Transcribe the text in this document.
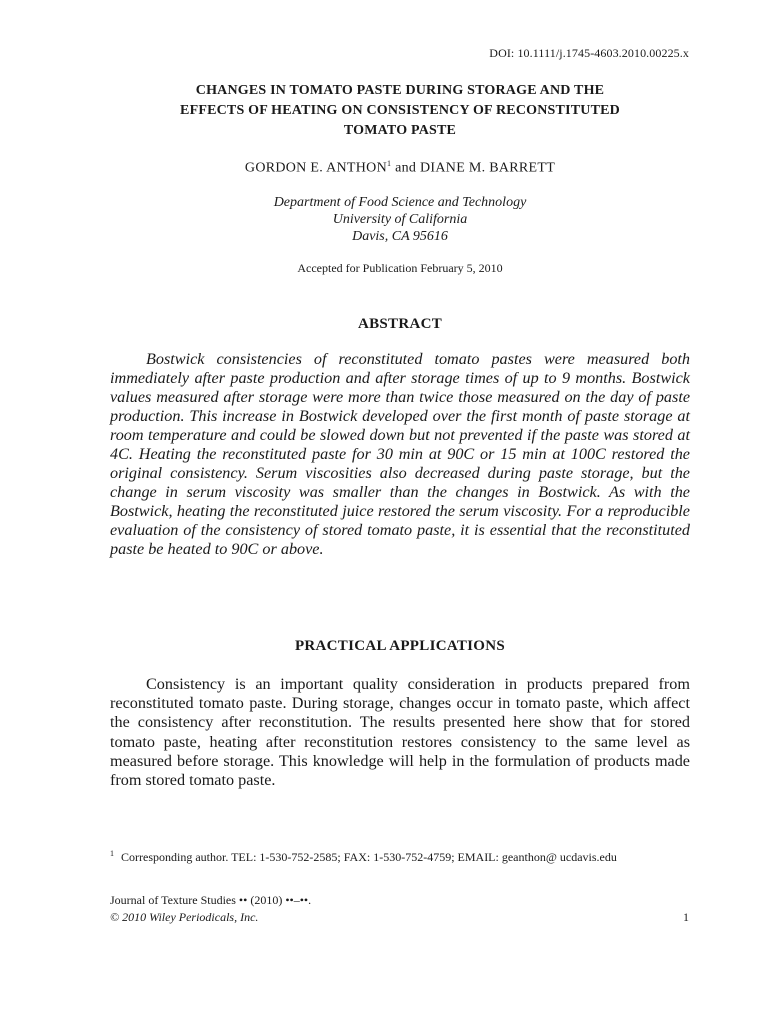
DOI: 10.1111/j.1745-4603.2010.00225.x
CHANGES IN TOMATO PASTE DURING STORAGE AND THE
EFFECTS OF HEATING ON CONSISTENCY OF RECONSTITUTED
TOMATO PASTE
GORDON E. ANTHON$^1$ and DIANE M. BARRETT
Department of Food Science and Technology
University of California
Davis, CA 95616
Accepted for Publication February 5, 2010
ABSTRACT

Bostwick consistencies of reconstituted tomato pastes were measured both immediately after paste production and after storage times of up to 9 months. Bostwick values measured after storage were more than twice those measured on the day of paste production. This increase in Bostwick developed over the first month of paste storage at room temperature and could be slowed down but not prevented if the paste was stored at 4C. Heating the reconstituted paste for 30 min at 90C or 15 min at 100C restored the original consistency. Serum viscosities also decreased during paste storage, but the change in serum viscosity was smaller than the changes in Bostwick. As with the Bostwick, heating the reconstituted juice restored the serum viscosity. For a reproducible evaluation of the consistency of stored tomato paste, it is essential that the reconstituted paste be heated to 90C or above.

PRACTICAL APPLICATIONS

Consistency is an important quality consideration in products prepared from reconstituted tomato paste. During storage, changes occur in tomato paste, which affect the consistency after reconstitution. The results presented here show that for stored tomato paste, heating after reconstitution restores consistency to the same level as measured before storage. This knowledge will help in the formulation of products made from stored tomato paste.

1 Corresponding author. TEL: 1-530-752-2585; FAX: 1-530-752-4759; EMAIL: geanthon@ ucdavis.edu
Journal of Texture Studies •• (2010) ••–••.
© 2010 Wiley Periodicals, Inc.	1
